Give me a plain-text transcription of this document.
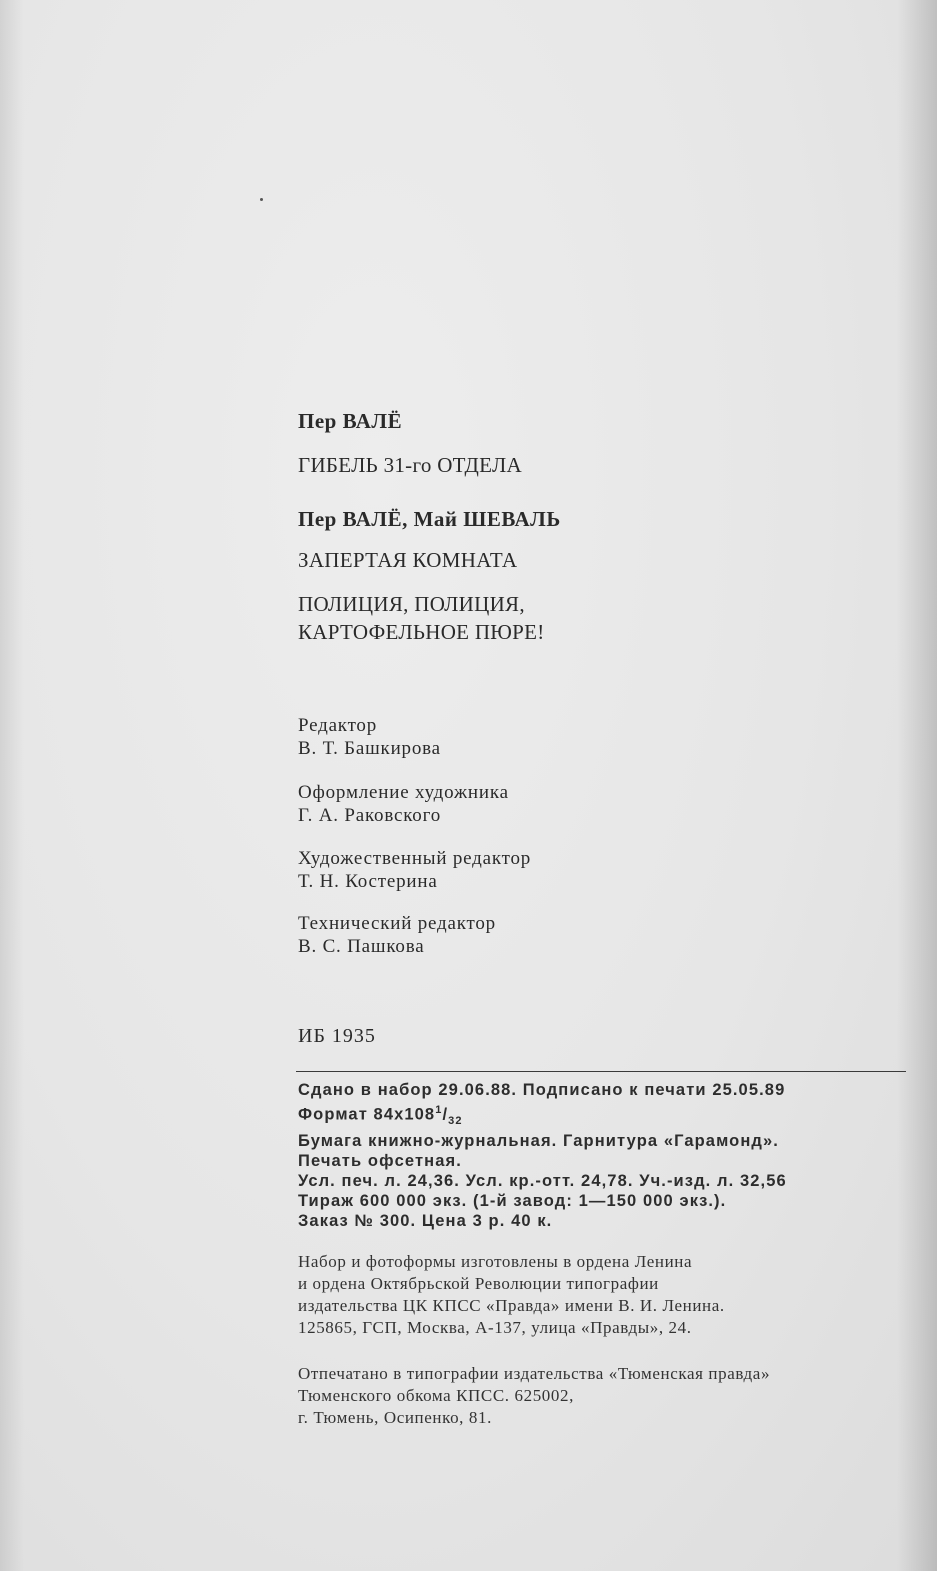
Пер ВАЛЁ
ГИБЕЛЬ 31-го ОТДЕЛА
Пер ВАЛЁ, Май ШЕВАЛЬ
ЗАПЕРТАЯ КОМНАТА
ПОЛИЦИЯ, ПОЛИЦИЯ,
КАРТОФЕЛЬНОЕ ПЮРЕ!
Редактор
В. Т. Башкирова
Оформление художника
Г. А. Раковского
Художественный редактор
Т. Н. Костерина
Технический редактор
В. С. Пашкова
ИБ 1935
Сдано в набор 29.06.88. Подписано к печати 25.05.89
Формат $84x108^1/_{32}$
Бумага книжно-журнальная. Гарнитура «Гарамонд».
Печать офсетная.
Усл. печ. л. 24,36. Усл. кр.-отт. 24,78. Уч.-изд. л. 32,56
Тираж 600 000 экз. (1-й завод: 1—150 000 экз.).
Заказ № 300. Цена 3 р. 40 к.
Набор и фотоформы изготовлены в ордена Ленина
и ордена Октябрьской Революции типографии
издательства ЦК КПСС «Правда» имени В. И. Ленина.
125865, ГСП, Москва, А-137, улица «Правды», 24.
Отпечатано в типографии издательства «Тюменская правда»
Тюменского обкома КПСС. 625002,
г. Тюмень, Осипенко, 81.
